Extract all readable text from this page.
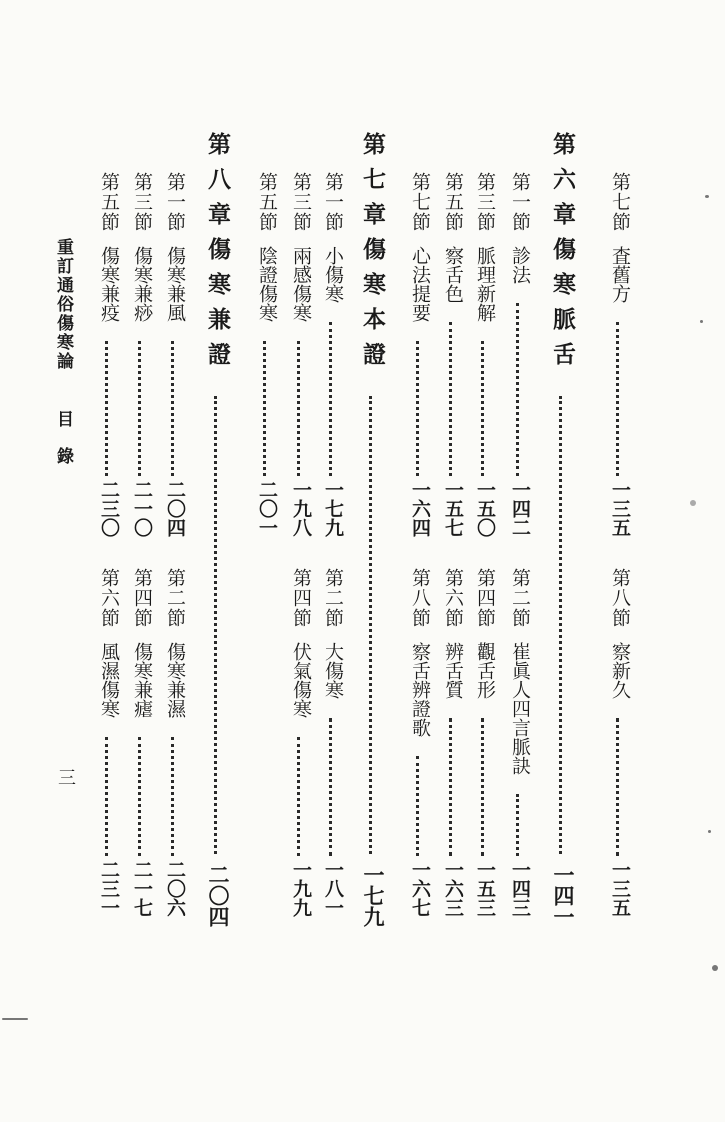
第七節査舊方
一三五
第八節察新久
一三五
第六章傷寒脈舌
一四一
第一節診法
一四二
第二節崔眞人四言脈訣
一四三
第三節脈理新解
一五〇
第四節觀舌形
一五三
第五節察舌色
一五七
第六節辨舌質
一六三
第七節心法提要
一六四
第八節察舌辨證歌
一六七
第七章傷寒本證
一七九
第一節小傷寒
一七九
第二節大傷寒
一八一
第三節兩感傷寒
一九八
第四節伏氣傷寒
一九九
第五節陰證傷寒
二〇一
第八章傷寒兼證
二〇四
第一節傷寒兼風
二〇四
第二節傷寒兼濕
二〇六
第三節傷寒兼痧
二一〇
第四節傷寒兼瘧
二一七
第五節傷寒兼疫
二三〇
第六節風濕傷寒
二三一
重訂通俗傷寒論
目錄
三
